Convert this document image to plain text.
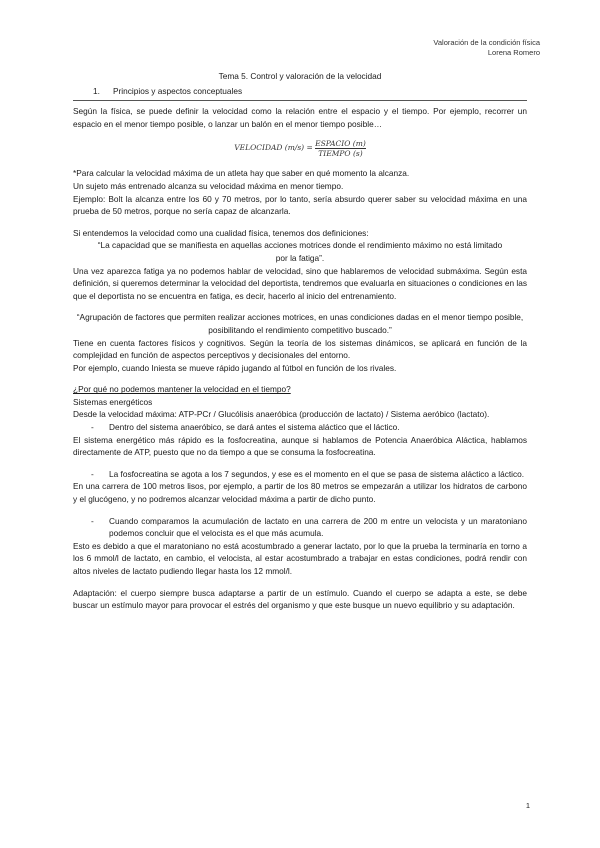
Valoración de la condición física
Lorena Romero

Tema 5. Control y valoración de la velocidad

1. Principios y aspectos conceptuales

Según la física, se puede definir la velocidad como la relación entre el espacio y el tiempo. Por ejemplo, recorrer un espacio en el menor tiempo posible, o lanzar un balón en el menor tiempo posible…

VELOCIDAD $(m/s) = \frac{\text{ESPACIO (m)}}{\text{TIEMPO (s)}}$

*Para calcular la velocidad máxima de un atleta hay que saber en qué momento la alcanza.

Un sujeto más entrenado alcanza su velocidad máxima en menor tiempo.

Ejemplo: Bolt la alcanza entre los 60 y 70 metros, por lo tanto, sería absurdo querer saber su velocidad máxima en una prueba de 50 metros, porque no sería capaz de alcanzarla.

Si entendemos la velocidad como una cualidad física, tenemos dos definiciones:

“La capacidad que se manifiesta en aquellas acciones motrices donde el rendimiento máximo no está limitado por la fatiga”.

Una vez aparezca fatiga ya no podemos hablar de velocidad, sino que hablaremos de velocidad submáxima. Según esta definición, si queremos determinar la velocidad del deportista, tendremos que evaluarla en situaciones o condiciones en las que el deportista no se encuentra en fatiga, es decir, hacerlo al inicio del entrenamiento.

“Agrupación de factores que permiten realizar acciones motrices, en unas condiciones dadas en el menor tiempo posible, posibilitando el rendimiento competitivo buscado.”

Tiene en cuenta factores físicos y cognitivos. Según la teoría de los sistemas dinámicos, se aplicará en función de la complejidad en función de aspectos perceptivos y decisionales del entorno.

Por ejemplo, cuando Iniesta se mueve rápido jugando al fútbol en función de los rivales.

¿Por qué no podemos mantener la velocidad en el tiempo?

Sistemas energéticos

Desde la velocidad máxima: ATP-PCr / Glucólisis anaeróbica (producción de lactato) / Sistema aeróbico (lactato).

- Dentro del sistema anaeróbico, se dará antes el sistema aláctico que el láctico.

El sistema energético más rápido es la fosfocreatina, aunque si hablamos de Potencia Anaeróbica Aláctica, hablamos directamente de ATP, puesto que no da tiempo a que se consuma la fosfocreatina.

- La fosfocreatina se agota a los 7 segundos, y ese es el momento en el que se pasa de sistema aláctico a láctico.

En una carrera de 100 metros lisos, por ejemplo, a partir de los 80 metros se empezarán a utilizar los hidratos de carbono y el glucógeno, y no podremos alcanzar velocidad máxima a partir de dicho punto.

- Cuando comparamos la acumulación de lactato en una carrera de 200 m entre un velocista y un maratoniano podemos concluir que el velocista es el que más acumula.

Esto es debido a que el maratoniano no está acostumbrado a generar lactato, por lo que la prueba la terminaría en torno a los 6 mmol/l de lactato, en cambio, el velocista, al estar acostumbrado a trabajar en estas condiciones, podrá rendir con altos niveles de lactato pudiendo llegar hasta los 12 mmol/l.

Adaptación: el cuerpo siempre busca adaptarse a partir de un estímulo. Cuando el cuerpo se adapta a este, se debe buscar un estímulo mayor para provocar el estrés del organismo y que este busque un nuevo equilibrio y su adaptación.

1
